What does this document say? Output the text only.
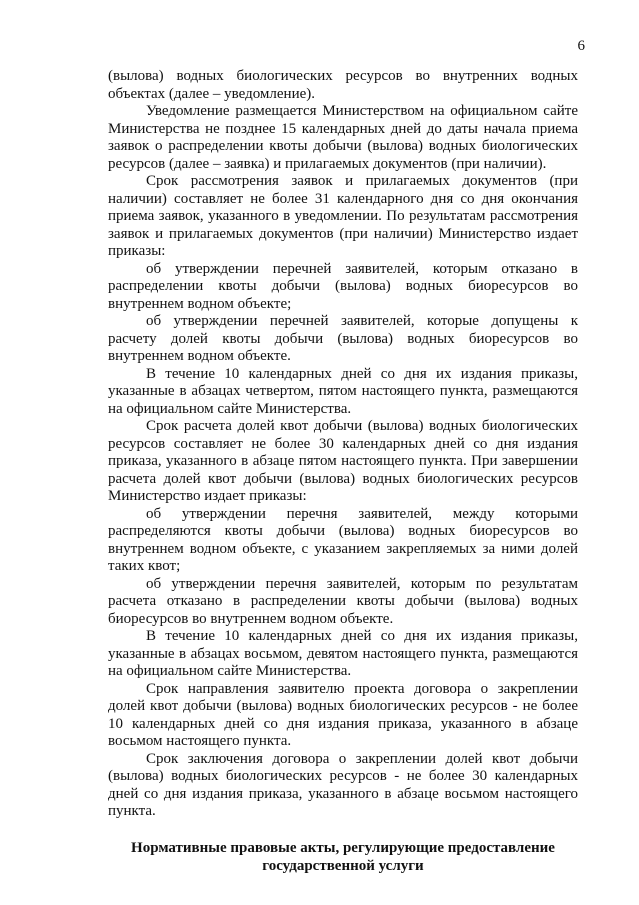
6

(вылова) водных биологических ресурсов во внутренних водных объектах (далее – уведомление).

Уведомление размещается Министерством на официальном сайте Министерства не позднее 15 календарных дней до даты начала приема заявок о распределении квоты добычи (вылова) водных биологических ресурсов (далее – заявка) и прилагаемых документов (при наличии).

Срок рассмотрения заявок и прилагаемых документов (при наличии) составляет не более 31 календарного дня со дня окончания приема заявок, указанного в уведомлении. По результатам рассмотрения заявок и прилагаемых документов (при наличии) Министерство издает приказы:

об утверждении перечней заявителей, которым отказано в распределении квоты добычи (вылова) водных биоресурсов во внутреннем водном объекте;

об утверждении перечней заявителей, которые допущены к расчету долей квоты добычи (вылова) водных биоресурсов во внутреннем водном объекте.

В течение 10 календарных дней со дня их издания приказы, указанные в абзацах четвертом, пятом настоящего пункта, размещаются на официальном сайте Министерства.

Срок расчета долей квот добычи (вылова) водных биологических ресурсов составляет не более 30 календарных дней со дня издания приказа, указанного в абзаце пятом настоящего пункта. При завершении расчета долей квот добычи (вылова) водных биологических ресурсов Министерство издает приказы:

об утверждении перечня заявителей, между которыми распределяются квоты добычи (вылова) водных биоресурсов во внутреннем водном объекте, с указанием закрепляемых за ними долей таких квот;

об утверждении перечня заявителей, которым по результатам расчета отказано в распределении квоты добычи (вылова) водных биоресурсов во внутреннем водном объекте.

В течение 10 календарных дней со дня их издания приказы, указанные в абзацах восьмом, девятом настоящего пункта, размещаются на официальном сайте Министерства.

Срок направления заявителю проекта договора о закреплении долей квот добычи (вылова) водных биологических ресурсов - не более 10 календарных дней со дня издания приказа, указанного в абзаце восьмом настоящего пункта.

Срок заключения договора о закреплении долей квот добычи (вылова) водных биологических ресурсов - не более 30 календарных дней со дня издания приказа, указанного в абзаце восьмом настоящего пункта.

Нормативные правовые акты, регулирующие предоставление государственной услуги
